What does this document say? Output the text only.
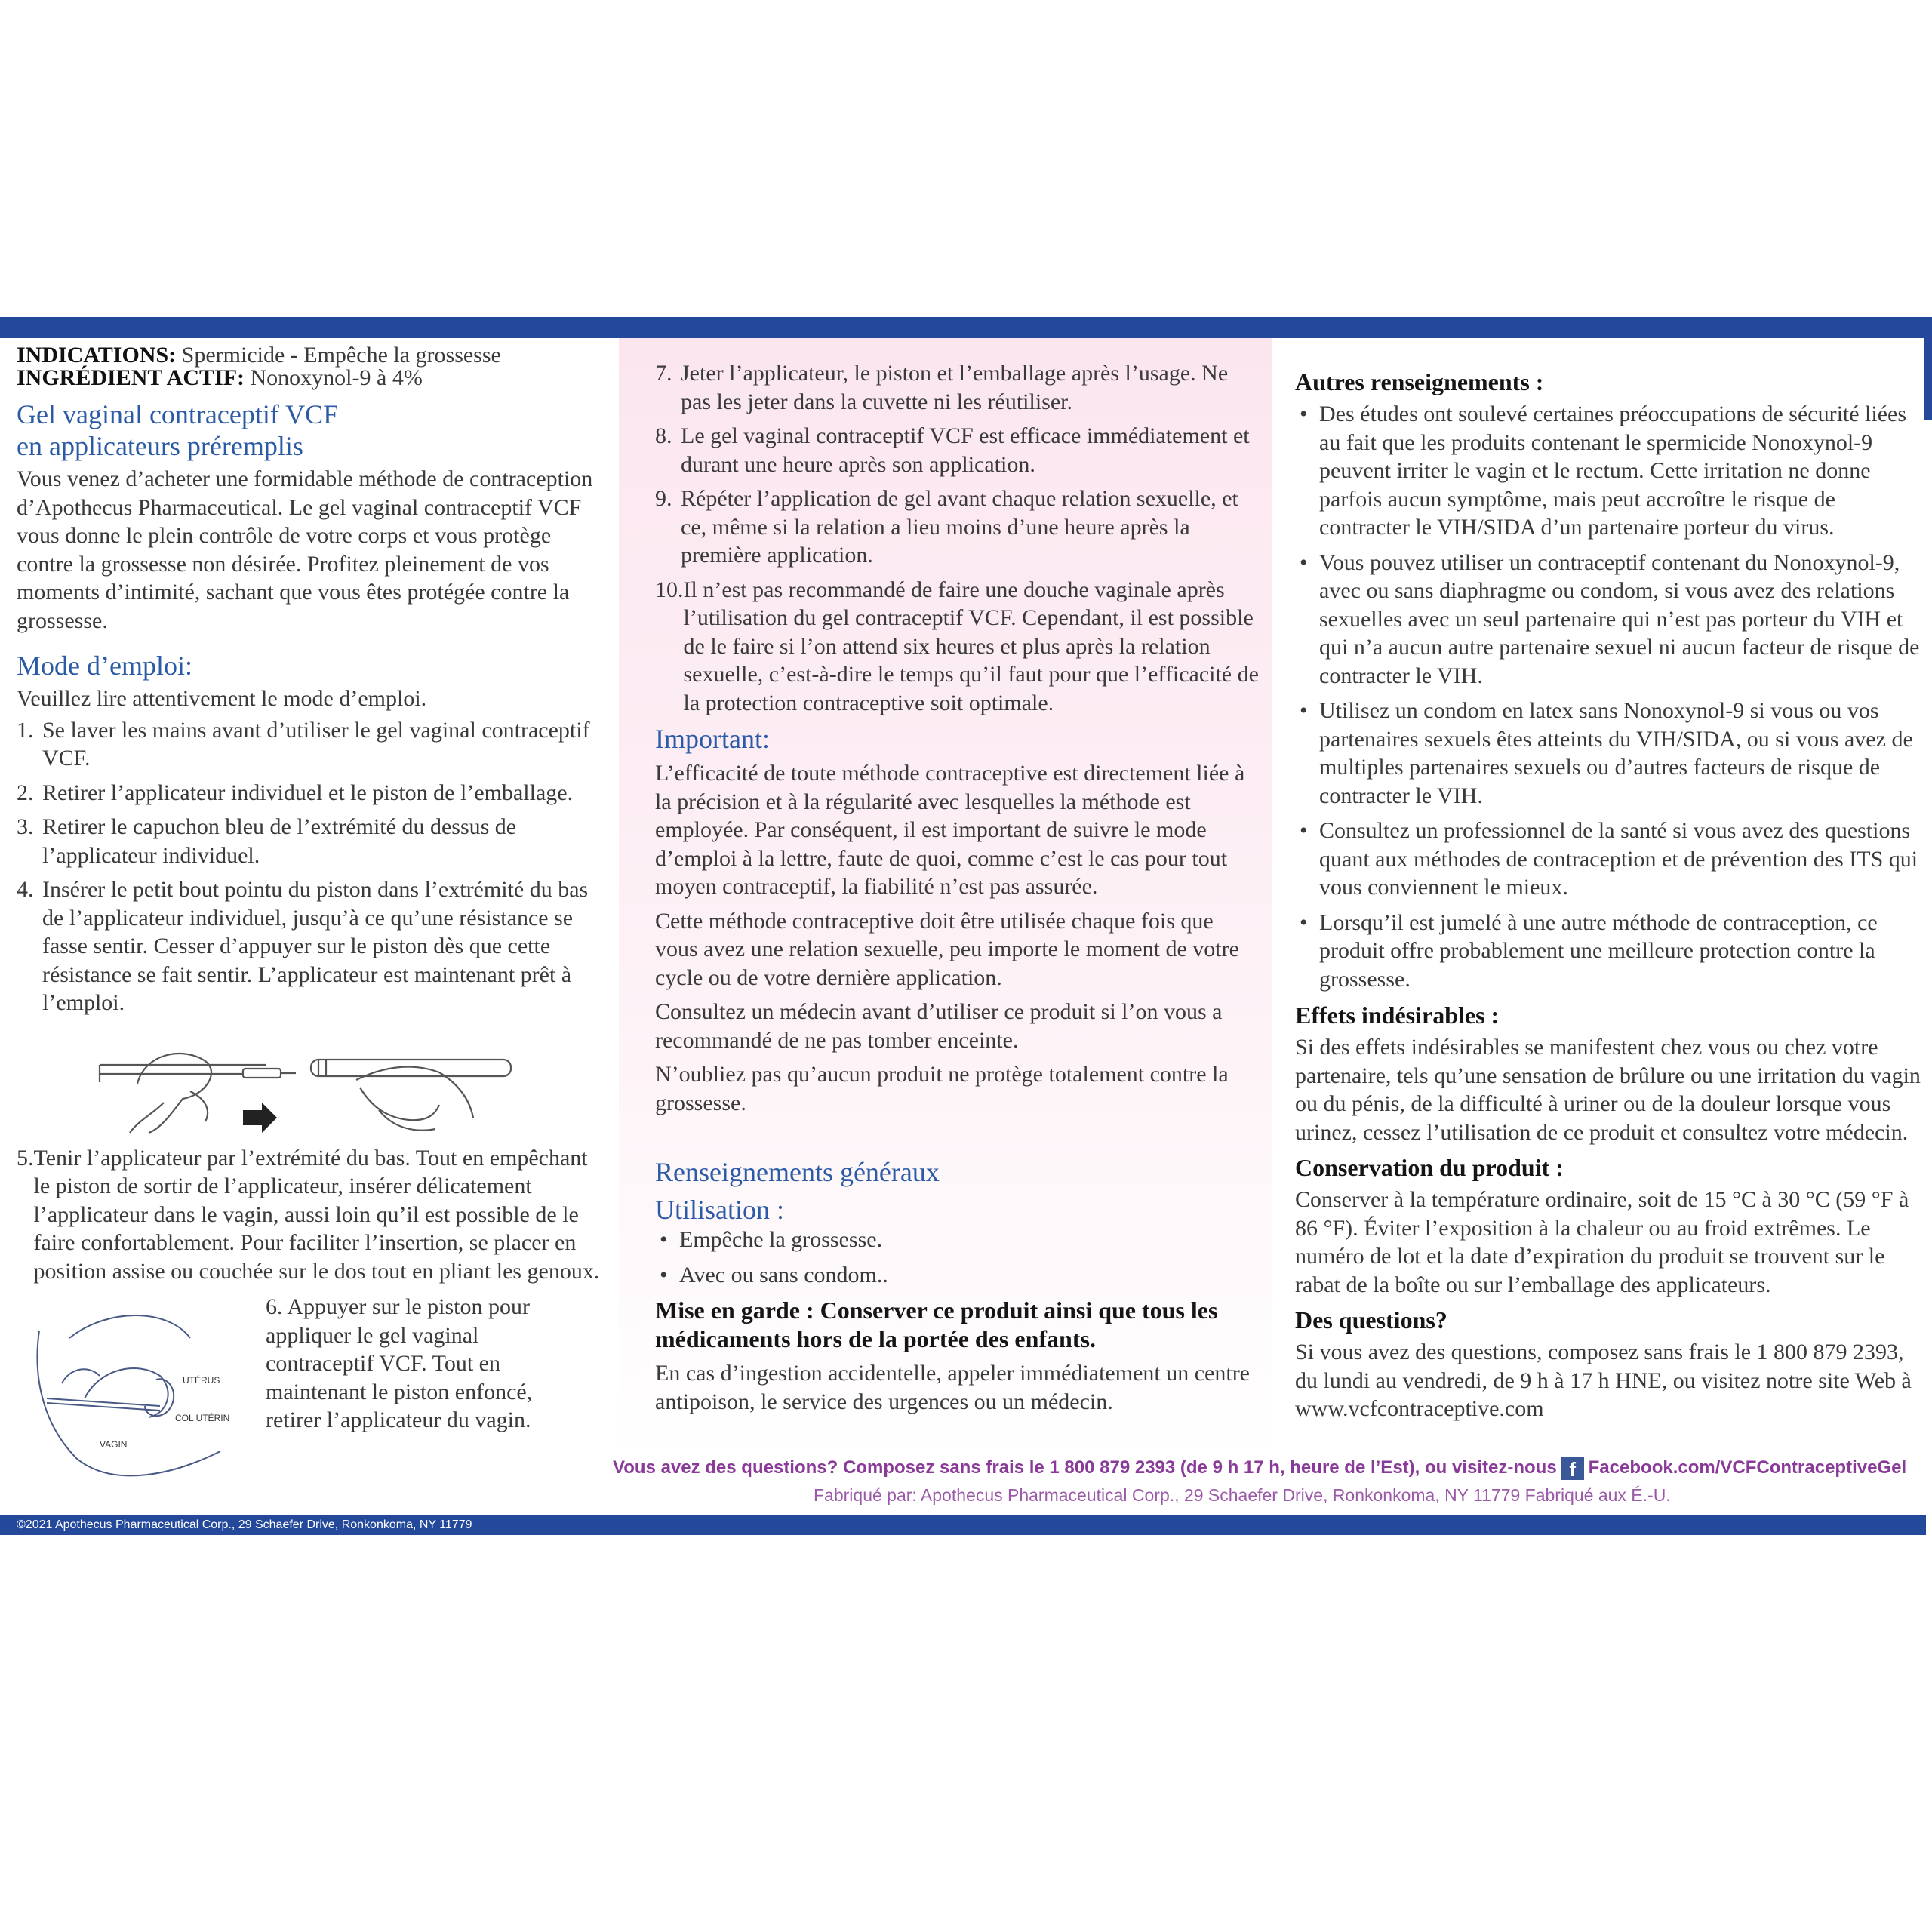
INDICATIONS: Spermicide - Empêche la grossesse

INGRÉDIENT ACTIF: Nonoxynol-9 à 4%

Gel vaginal contraceptif VCF
en applicateurs préremplis

Vous venez d’acheter une formidable méthode de contraception d’Apothecus Pharmaceutical. Le gel vaginal contraceptif VCF vous donne le plein contrôle de votre corps et vous protège contre la grossesse non désirée. Profitez pleinement de vos moments d’intimité, sachant que vous êtes protégée contre la grossesse.

Mode d’emploi:

Veuillez lire attentivement le mode d’emploi.

1. Se laver les mains avant d’utiliser le gel vaginal contraceptif VCF.
2. Retirer l’applicateur individuel et le piston de l’emballage.
3. Retirer le capuchon bleu de l’extrémité du dessus de l’applicateur individuel.
4. Insérer le petit bout pointu du piston dans l’extrémité du bas de l’applicateur individuel, jusqu’à ce qu’une résistance se fasse sentir. Cesser d’appuyer sur le piston dès que cette résistance se fait sentir. L’applicateur est maintenant prêt à l’emploi.
5. Tenir l’applicateur par l’extrémité du bas. Tout en empêchant le piston de sortir de l’applicateur, insérer délicatement l’applicateur dans le vagin, aussi loin qu’il est possible de le faire confortablement. Pour faciliter l’insertion, se placer en position assise ou couchée sur le dos tout en pliant les genoux.
UTÉRUS
COL UTÉRIN
VAGIN

6. Appuyer sur le piston pour appliquer le gel vaginal contraceptif VCF. Tout en maintenant le piston enfoncé, retirer l’applicateur du vagin.

7. Jeter l’applicateur, le piston et l’emballage après l’usage. Ne pas les jeter dans la cuvette ni les réutiliser.
8. Le gel vaginal contraceptif VCF est efficace immédiatement et durant une heure après son application.
9. Répéter l’application de gel avant chaque relation sexuelle, et ce, même si la relation a lieu moins d’une heure après la première application.
10. Il n’est pas recommandé de faire une douche vaginale après l’utilisation du gel contraceptif VCF. Cependant, il est possible de le faire si l’on attend six heures et plus après la relation sexuelle, c’est-à-dire le temps qu’il faut pour que l’efficacité de la protection contraceptive soit optimale.
Important:

L’efficacité de toute méthode contraceptive est directement liée à la précision et à la régularité avec lesquelles la méthode est employée. Par conséquent, il est important de suivre le mode d’emploi à la lettre, faute de quoi, comme c’est le cas pour tout moyen contraceptif, la fiabilité n’est pas assurée.

Cette méthode contraceptive doit être utilisée chaque fois que vous avez une relation sexuelle, peu importe le moment de votre cycle ou de votre dernière application.

Consultez un médecin avant d’utiliser ce produit si l’on vous a recommandé de ne pas tomber enceinte.

N’oubliez pas qu’aucun produit ne protège totalement contre la grossesse.

Renseignements généraux
Utilisation :
• Empêche la grossesse.
• Avec ou sans condom..

Mise en garde : Conserver ce produit ainsi que tous les médicaments hors de la portée des enfants.

En cas d’ingestion accidentelle, appeler immédiatement un centre antipoison, le service des urgences ou un médecin.

Autres renseignements :
• Des études ont soulevé certaines préoccupations de sécurité liées au fait que les produits contenant le spermicide Nonoxynol-9 peuvent irriter le vagin et le rectum. Cette irritation ne donne parfois aucun symptôme, mais peut accroître le risque de contracter le VIH/SIDA d’un partenaire porteur du virus.
• Vous pouvez utiliser un contraceptif contenant du Nonoxynol-9, avec ou sans diaphragme ou condom, si vous avez des relations sexuelles avec un seul partenaire qui n’est pas porteur du VIH et qui n’a aucun autre partenaire sexuel ni aucun facteur de risque de contracter le VIH.
• Utilisez un condom en latex sans Nonoxynol-9 si vous ou vos partenaires sexuels êtes atteints du VIH/SIDA, ou si vous avez de multiples partenaires sexuels ou d’autres facteurs de risque de contracter le VIH.
• Consultez un professionnel de la santé si vous avez des questions quant aux méthodes de contraception et de prévention des ITS qui vous conviennent le mieux.
• Lorsqu’il est jumelé à une autre méthode de contraception, ce produit offre probablement une meilleure protection contre la grossesse.
Effets indésirables :

Si des effets indésirables se manifestent chez vous ou chez votre partenaire, tels qu’une sensation de brûlure ou une irritation du vagin ou du pénis, de la difficulté à uriner ou de la douleur lorsque vous urinez, cessez l’utilisation de ce produit et consultez votre médecin.

Conservation du produit :

Conserver à la température ordinaire, soit de 15 °C à 30 °C (59 °F à 86 °F). Éviter l’exposition à la chaleur ou au froid extrêmes. Le numéro de lot et la date d’expiration du produit se trouvent sur le rabat de la boîte ou sur l’emballage des applicateurs.

Des questions?

Si vous avez des questions, composez sans frais le 1 800 879 2393, du lundi au vendredi, de 9 h à 17 h HNE, ou visitez notre site Web à www.vcfcontraceptive.com

Vous avez des questions? Composez sans frais le 1 800 879 2393 (de 9 h 17 h, heure de l’Est), ou visitez-nous f Facebook.com/VCFContraceptiveGel
Fabriqué par: Apothecus Pharmaceutical Corp., 29 Schaefer Drive, Ronkonkoma, NY 11779 Fabriqué aux É.-U.
©2021 Apothecus Pharmaceutical Corp., 29 Schaefer Drive, Ronkonkoma, NY 11779
